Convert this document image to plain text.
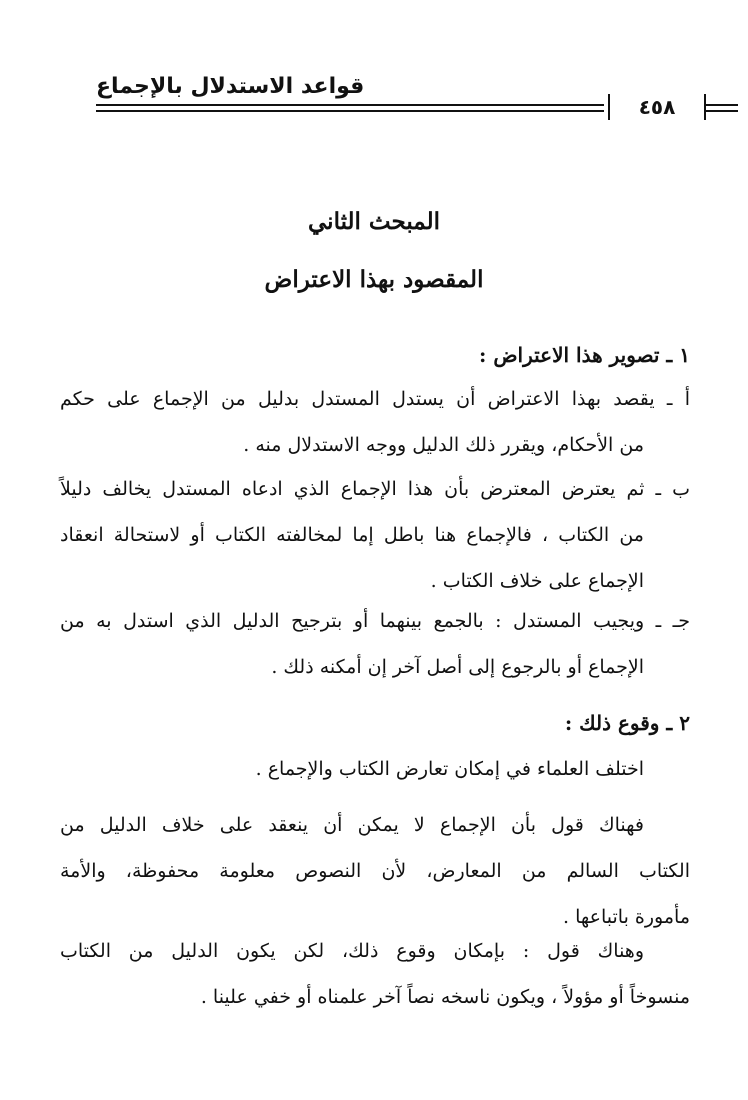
قواعد الاستدلال بالإجماع
٤٥٨
المبحث الثاني
المقصود بهذا الاعتراض
١ ـ تصوير هذا الاعتراض :
أ ـ يقصد بهذا الاعتراض أن يستدل المستدل بدليل من الإجماع على حكم
من الأحكام، ويقرر ذلك الدليل ووجه الاستدلال منه .
ب ـ ثم يعترض المعترض بأن هذا الإجماع الذي ادعاه المستدل يخالف دليلاً
من الكتاب ، فالإجماع هنا باطل إما لمخالفته الكتاب أو لاستحالة انعقاد
الإجماع على خلاف الكتاب .
جـ ـ ويجيب المستدل : بالجمع بينهما أو بترجيح الدليل الذي استدل به من
الإجماع أو بالرجوع إلى أصل آخر إن أمكنه ذلك .
٢ ـ وقوع ذلك :
اختلف العلماء في إمكان تعارض الكتاب والإجماع .
فهناك قول بأن الإجماع لا يمكن أن ينعقد على خلاف الدليل من
الكتاب السالم من المعارض، لأن النصوص معلومة محفوظة، والأمة
مأمورة باتباعها .
وهناك قول : بإمكان وقوع ذلك، لكن يكون الدليل من الكتاب
منسوخاً أو مؤولاً ، ويكون ناسخه نصاً آخر علمناه أو خفي علينا .
